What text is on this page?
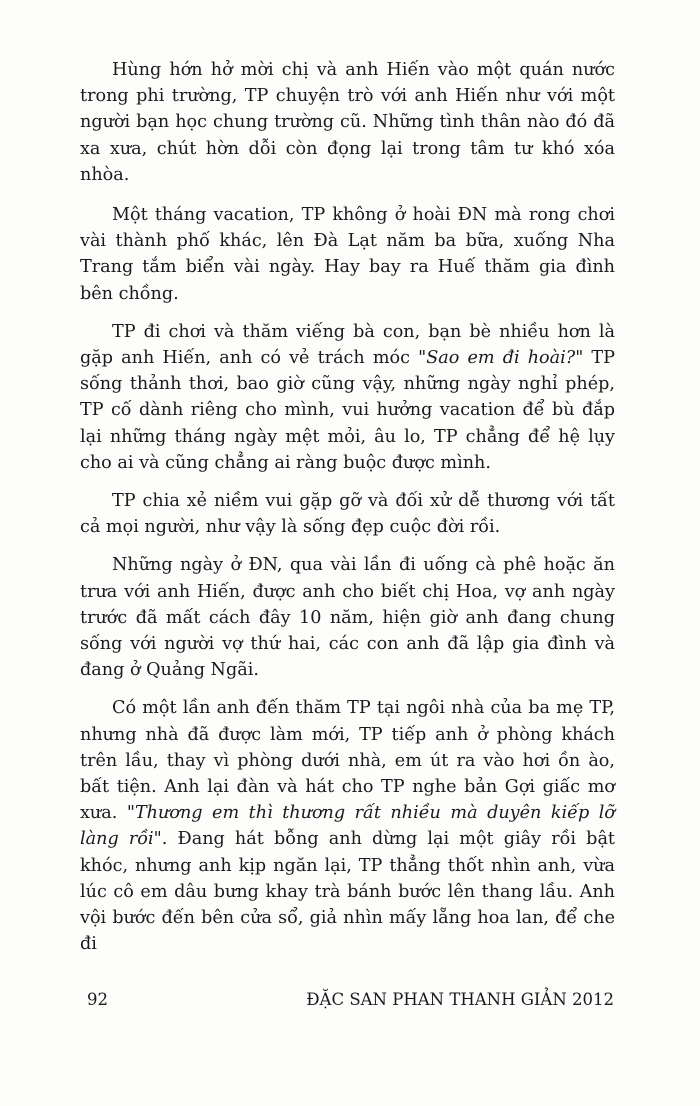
Hùng hớn hở mời chị và anh Hiến vào một quán nước trong phi trường, TP chuyện trò với anh Hiến như với một người bạn học chung trường cũ. Những tình thân nào đó đã xa xưa, chút hờn dỗi còn đọng lại trong tâm tư khó xóa nhòa.

Một tháng vacation, TP không ở hoài ĐN mà rong chơi vài thành phố khác, lên Đà Lạt năm ba bữa, xuống Nha Trang tắm biển vài ngày. Hay bay ra Huế thăm gia đình bên chồng.

TP đi chơi và thăm viếng bà con, bạn bè nhiều hơn là gặp anh Hiến, anh có vẻ trách móc "Sao em đi hoài?" TP sống thảnh thơi, bao giờ cũng vậy, những ngày nghỉ phép, TP cố dành riêng cho mình, vui hưởng vacation để bù đắp lại những tháng ngày mệt mỏi, âu lo, TP chẳng để hệ lụy cho ai và cũng chẳng ai ràng buộc được mình.

TP chia xẻ niềm vui gặp gỡ và đối xử dễ thương với tất cả mọi người, như vậy là sống đẹp cuộc đời rồi.

Những ngày ở ĐN, qua vài lần đi uống cà phê hoặc ăn trưa với anh Hiến, được anh cho biết chị Hoa, vợ anh ngày trước đã mất cách đây 10 năm, hiện giờ anh đang chung sống với người vợ thứ hai, các con anh đã lập gia đình và đang ở Quảng Ngãi.

Có một lần anh đến thăm TP tại ngôi nhà của ba mẹ TP, nhưng nhà đã được làm mới, TP tiếp anh ở phòng khách trên lầu, thay vì phòng dưới nhà, em út ra vào hơi ồn ào, bất tiện. Anh lại đàn và hát cho TP nghe bản Gợi giấc mơ xưa. "Thương em thì thương rất nhiều mà duyên kiếp lỡ làng rồi". Đang hát bỗng anh dừng lại một giây rồi bật khóc, nhưng anh kịp ngăn lại, TP thẳng thốt nhìn anh, vừa lúc cô em dâu bưng khay trà bánh bước lên thang lầu. Anh vội bước đến bên cửa sổ, giả nhìn mấy lẵng hoa lan, để che đi

92	ĐẶC SAN PHAN THANH GIẢN 2012
